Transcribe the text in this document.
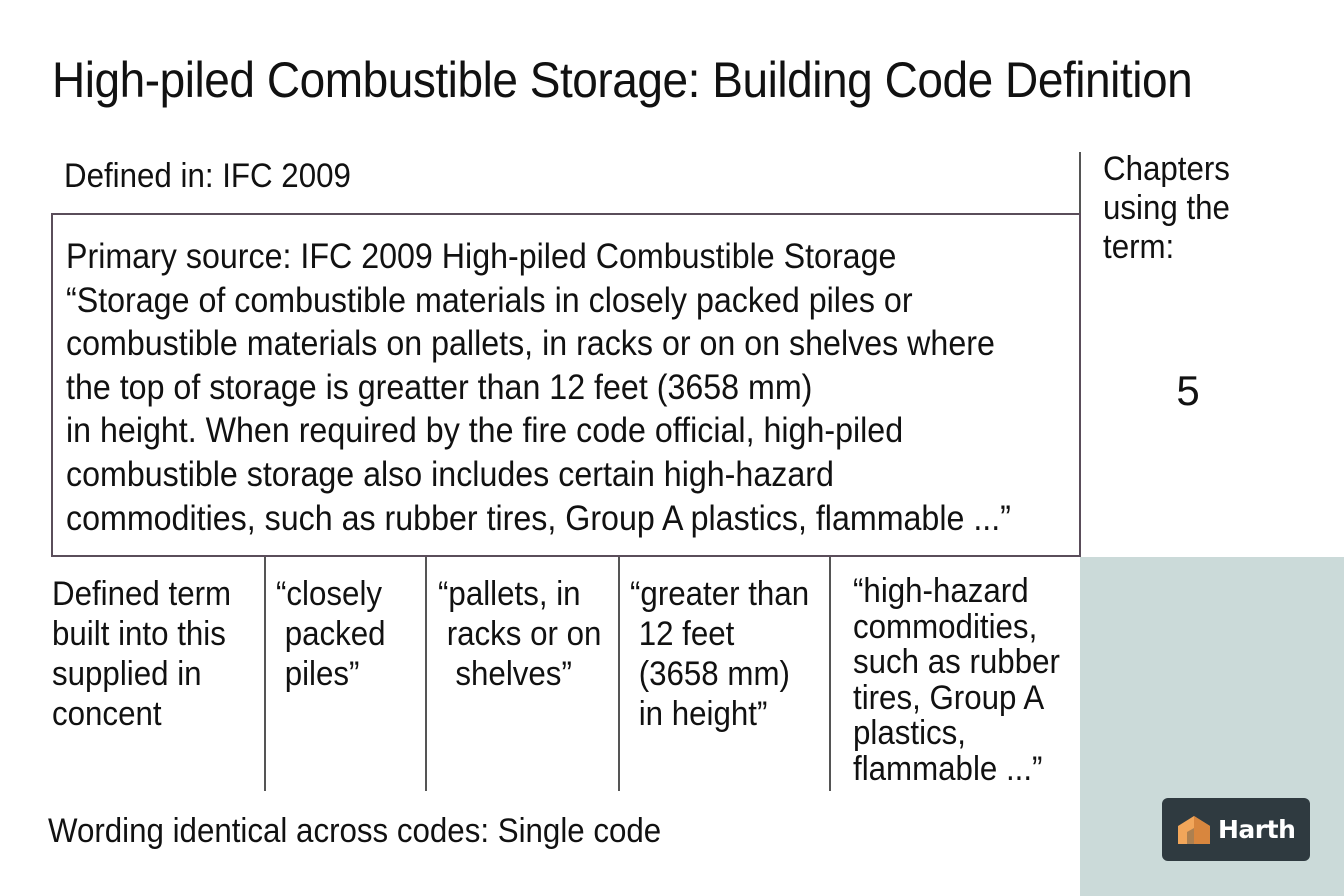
High-piled Combustible Storage: Building Code Definition
Defined in: IFC 2009	Chapters
using the
term:
5
Primary source: IFC 2009 High-piled Combustible Storage
“Storage of combustible materials in closely packed piles or
combustible materials on pallets, in racks or on on shelves where
the top of storage is greatter than 12 feet (3658 mm)
in height. When required by the fire code official, high-piled
combustible storage also includes certain high-hazard
commodities, such as rubber tires, Group A plastics, flammable ...”
Defined term
built into this
supplied in
concent
“closely
packed
piles”
“pallets, in
racks or on
shelves”
“greater than
12 feet
(3658 mm)
in height”
“high-hazard
commodities,
such as rubber
tires, Group A
plastics,
flammable ...”
Wording identical across codes: Single code	Harth
